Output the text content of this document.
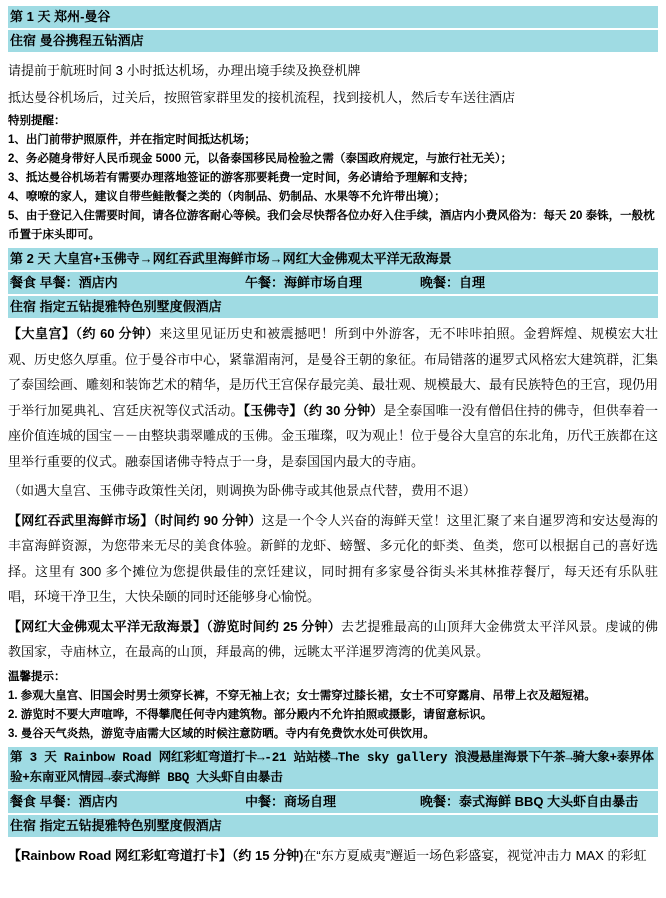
第 1 天 郑州-曼谷
住宿 曼谷携程五钻酒店

请提前于航班时间 3 小时抵达机场，办理出境手续及换登机牌

抵达曼谷机场后，过关后，按照管家群里发的接机流程，找到接机人，然后专车送往酒店

特别提醒：

1、出门前带护照原件，并在指定时间抵达机场；

2、务必随身带好人民币现金 5000 元，以备泰国移民局检验之需（泰国政府规定，与旅行社无关）；

3、抵达曼谷机场若有需要办理落地签证的游客那要耗费一定时间，务必请给予理解和支持；

4、嘹嘹的家人，建议自带些鲑散餐之类的（肉制品、奶制品、水果等不允许带出境）；

5、由于登记入住需要时间，请各位游客耐心等候。我们会尽快帮各位办好入住手续，酒店内小费风俗为：每天 20 泰铢，一般枕币置于床头即可。

第 2 天 大皇宫+玉佛寺→网红吞武里海鲜市场→网红大金佛观太平洋无敌海景
餐食 早餐：酒店内	午餐：海鲜市场自理	晚餐：自理
住宿 指定五钻提雅特色别墅度假酒店

【大皇宫】（约 60 分钟）来这里见证历史和被震撼吧！所到中外游客，无不咔咔拍照。金碧辉煌、规模宏大壮观、历史悠久厚重。位于曼谷市中心，紧靠湄南河，是曼谷王朝的象征。布局错落的暹罗式风格宏大建筑群，汇集了泰国绘画、雕刻和装饰艺术的精华，是历代王宫保存最完美、最壮观、规模最大、最有民族特色的王宫，现仍用于举行加冕典礼、宫廷庆祝等仪式活动。【玉佛寺】（约 30 分钟）是全泰国唯一没有僧侣住持的佛寺，但供奉着一座价值连城的国宝－－由整块翡翠雕成的玉佛。金玉璀璨，叹为观止！位于曼谷大皇宫的东北角，历代王族都在这里举行重要的仪式。融泰国诸佛寺特点于一身，是泰国国内最大的寺庙。

（如遇大皇宫、玉佛寺政策性关闭，则调换为卧佛寺或其他景点代替，费用不退）

【网红吞武里海鲜市场】（时间约 90 分钟）这是一个令人兴奋的海鲜天堂！这里汇聚了来自暹罗湾和安达曼海的丰富海鲜资源，为您带来无尽的美食体验。新鲜的龙虾、螃蟹、多元化的虾类、鱼类，您可以根据自己的喜好选择。这里有 300 多个摊位为您提供最佳的烹饪建议，同时拥有多家曼谷街头米其林推荐餐厅，每天还有乐队驻唱，环境干净卫生，大快朵颐的同时还能够身心愉悦。

【网红大金佛观太平洋无敌海景】（游览时间约 25 分钟）去艺提雅最高的山顶拜大金佛赏太平洋风景。虔诚的佛教国家，寺庙林立，在最高的山顶，拜最高的佛，远眺太平洋暹罗湾湾的优美风景。

温馨提示：

1. 参观大皇宫、旧国会时男士须穿长裤，不穿无袖上衣；女士需穿过膝长裙，女士不可穿露肩、吊带上衣及超短裙。

2. 游览时不要大声喧哗，不得攀爬任何寺内建筑物。部分殿内不允许拍照或摄影，请留意标识。

3. 曼谷天气炎热，游览寺庙需大区域的时候注意防晒。寺内有免费饮水处可供饮用。

第 3 天 Rainbow Road 网红彩虹弯道打卡→-21 站站楼→The sky gallery 浪漫悬崖海景下午茶→骑大象+泰界体验+东南亚风情园→泰式海鲜 BBQ 大头虾自由暴击
餐食 早餐：酒店内	中餐：商场自理	晚餐：泰式海鲜 BBQ 大头虾自由暴击
住宿 指定五钻提雅特色别墅度假酒店

【Rainbow Road 网红彩虹弯道打卡】（约 15 分钟)在“东方夏威夷”邂逅一场色彩盛宴，视觉冲击力 MAX 的彩虹
